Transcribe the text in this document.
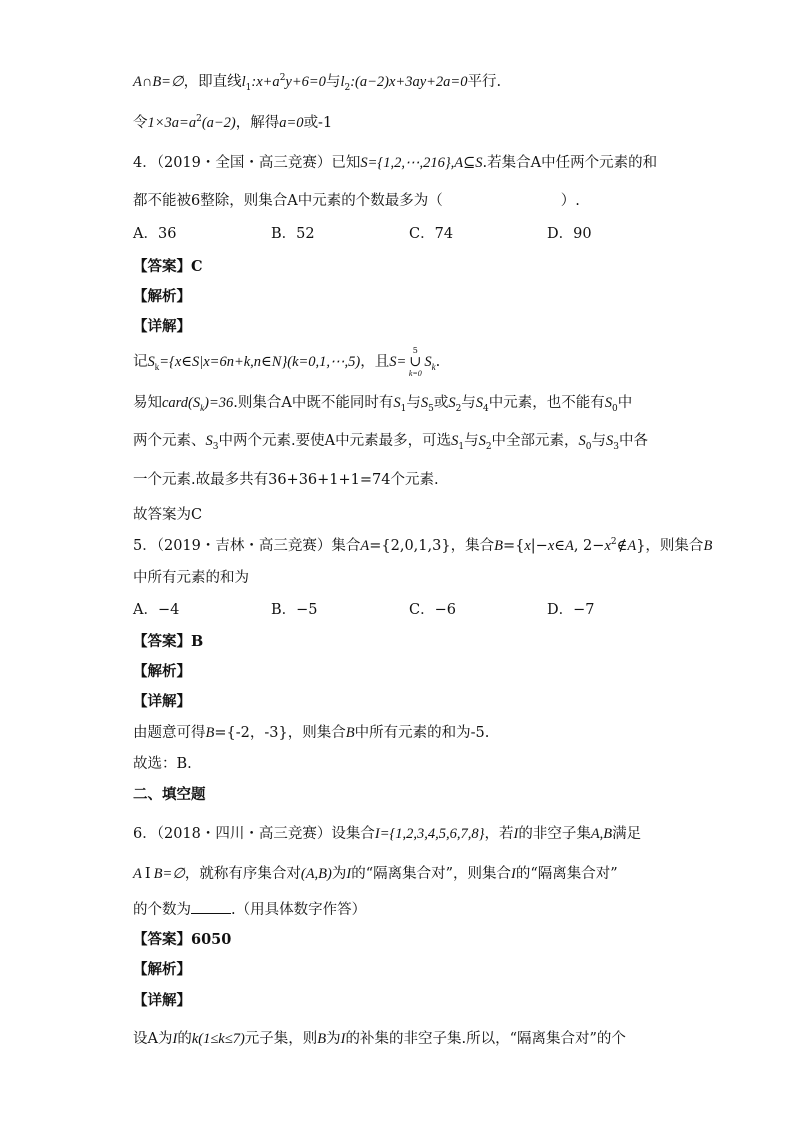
A∩B=∅，即直线$l_1:x+a^2y+6=0$与$l_2:(a-2)x+3ay+2a=0$平行.
令$1\times 3a=a^2(a-2)$，解得a=0或-1
4．（2019・全国・高三竞赛）已知S={1,2,⋯,216},A⊆S.若集合A中任两个元素的和
都不能被6整除，则集合A中元素的个数最多为（	）.
A．36	B．52	C．74	D．90
【答案】C
【解析】
【详解】
记$S_k=\{x\in S|x=6n+k,n\in N\}(k=0,1,\cdots,5)$，且S=
5
∪
k=0
$S_k$.
易知$card(S_k)=36$.则集合A中既不能同时有$S_1$与$S_5$或$S_2$与$S_4$中元素，也不能有$S_0$中
两个元素、$S_3$中两个元素.要使A中元素最多，可选$S_1$与$S_2$中全部元素，$S_0$与$S_3$中各
一个元素.故最多共有36+36+1+1=74个元素.
故答案为C
5．（2019・吉林・高三竞赛）集合A={2,0,1,3}，集合B={x|−x∈A, $2-x^2\notin A$}，则集合B
中所有元素的和为
A．−4	B．−5	C．−6	D．−7
【答案】B
【解析】
【详解】
由题意可得B={-2，-3}，则集合B中所有元素的和为-5.
故选：B.
二、填空题
6．（2018・四川・高三竞赛）设集合I={1,2,3,4,5,6,7,8}，若I的非空子集A,B满足
A I B=∅，就称有序集合对(A,B)为I的“隔离集合对”，则集合I的“隔离集合对”
的个数为	.（用具体数字作答）
【答案】6050
【解析】
【详解】
设A为I的k(1≤k≤7)元子集，则B为I的补集的非空子集.所以，“隔离集合对”的个
